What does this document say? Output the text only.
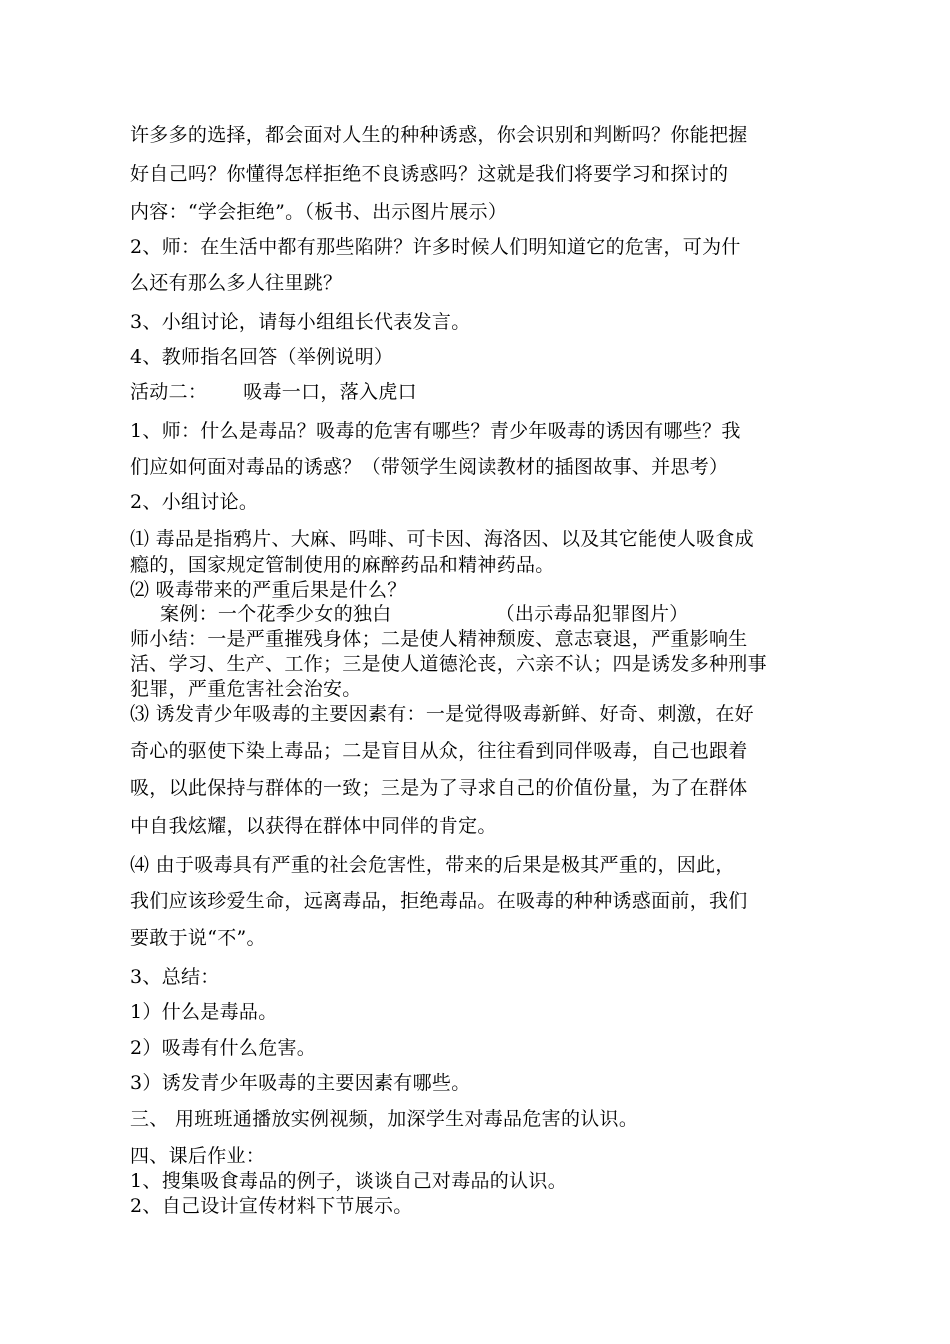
许多多的选择，都会面对人生的种种诱惑，你会识别和判断吗？你能把握
好自己吗？你懂得怎样拒绝不良诱惑吗？这就是我们将要学习和探讨的
内容：“学会拒绝”。（板书、出示图片展示）
2、师：在生活中都有那些陷阱？许多时候人们明知道它的危害，可为什
么还有那么多人往里跳？
3、小组讨论，请每小组组长代表发言。
4、教师指名回答（举例说明）
活动二： 吸毒一口，落入虎口
1、师：什么是毒品？吸毒的危害有哪些？青少年吸毒的诱因有哪些？我
们应如何面对毒品的诱惑？（带领学生阅读教材的插图故事、并思考）
2、小组讨论。
⑴ 毒品是指鸦片、大麻、吗啡、可卡因、海洛因、以及其它能使人吸食成
瘾的，国家规定管制使用的麻醉药品和精神药品。
⑵ 吸毒带来的严重后果是什么？
案例：一个花季少女的独白	（出示毒品犯罪图片）
师小结：一是严重摧残身体；二是使人精神颓废、意志衰退，严重影响生
活、学习、生产、工作；三是使人道德沦丧，六亲不认；四是诱发多种刑事
犯罪，严重危害社会治安。
⑶ 诱发青少年吸毒的主要因素有：一是觉得吸毒新鲜、好奇、刺激，在好
奇心的驱使下染上毒品；二是盲目从众，往往看到同伴吸毒，自己也跟着
吸，以此保持与群体的一致；三是为了寻求自己的价值份量，为了在群体
中自我炫耀，以获得在群体中同伴的肯定。
⑷ 由于吸毒具有严重的社会危害性，带来的后果是极其严重的，因此，
我们应该珍爱生命，远离毒品，拒绝毒品。在吸毒的种种诱惑面前，我们
要敢于说“不”。
3、总结：
1）什么是毒品。
2）吸毒有什么危害。
3）诱发青少年吸毒的主要因素有哪些。
三、 用班班通播放实例视频，加深学生对毒品危害的认识。
四、课后作业：
1、搜集吸食毒品的例子，谈谈自己对毒品的认识。
2、自己设计宣传材料下节展示。
